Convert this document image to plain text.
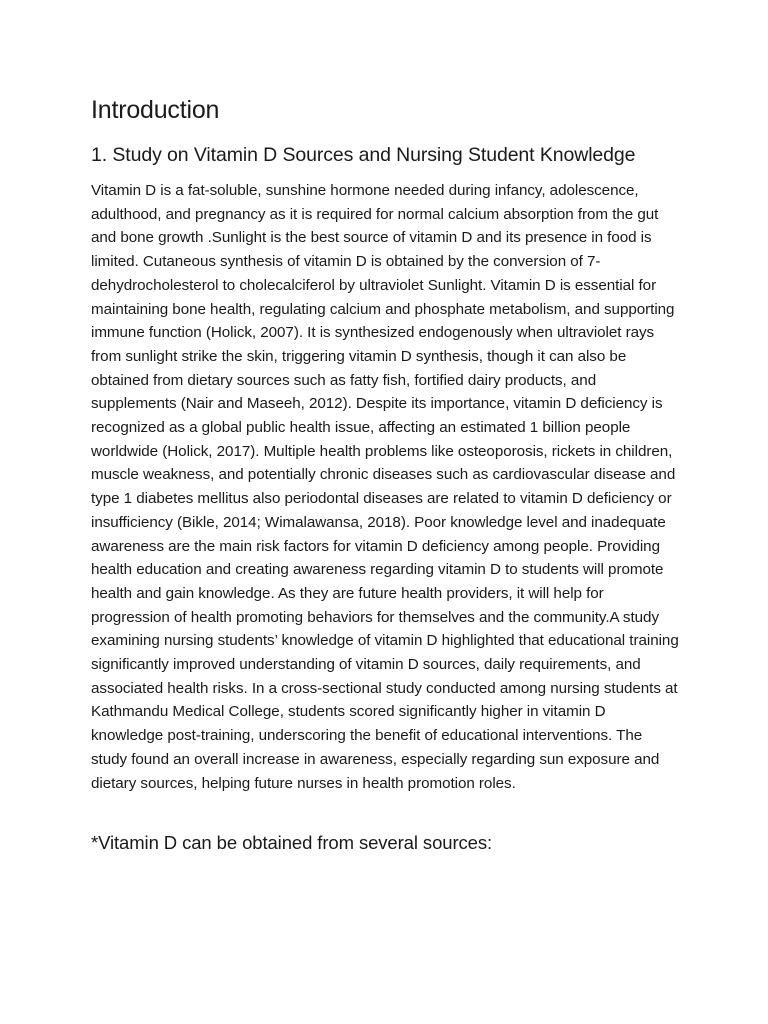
Introduction
1. Study on Vitamin D Sources and Nursing Student Knowledge

Vitamin D is a fat-soluble, sunshine hormone needed during infancy, adolescence, adulthood, and pregnancy as it is required for normal calcium absorption from the gut and bone growth .Sunlight is the best source of vitamin D and its presence in food is limited. Cutaneous synthesis of vitamin D is obtained by the conversion of 7-dehydrocholesterol to cholecalciferol by ultraviolet Sunlight. Vitamin D is essential for maintaining bone health, regulating calcium and phosphate metabolism, and supporting immune function (Holick, 2007). It is synthesized endogenously when ultraviolet rays from sunlight strike the skin, triggering vitamin D synthesis, though it can also be obtained from dietary sources such as fatty fish, fortified dairy products, and supplements (Nair and Maseeh, 2012). Despite its importance, vitamin D deficiency is recognized as a global public health issue, affecting an estimated 1 billion people worldwide (Holick, 2017). Multiple health problems like osteoporosis, rickets in children, muscle weakness, and potentially chronic diseases such as cardiovascular disease and type 1 diabetes mellitus also periodontal diseases are related to vitamin D deficiency or insufficiency (Bikle, 2014; Wimalawansa, 2018). Poor knowledge level and inadequate awareness are the main risk factors for vitamin D deficiency among people. Providing health education and creating awareness regarding vitamin D to students will promote health and gain knowledge. As they are future health providers, it will help for progression of health promoting behaviors for themselves and the community.A study examining nursing students’ knowledge of vitamin D highlighted that educational training significantly improved understanding of vitamin D sources, daily requirements, and associated health risks. In a cross-sectional study conducted among nursing students at Kathmandu Medical College, students scored significantly higher in vitamin D knowledge post-training, underscoring the benefit of educational interventions. The study found an overall increase in awareness, especially regarding sun exposure and dietary sources, helping future nurses in health promotion roles.

*Vitamin D can be obtained from several sources:
